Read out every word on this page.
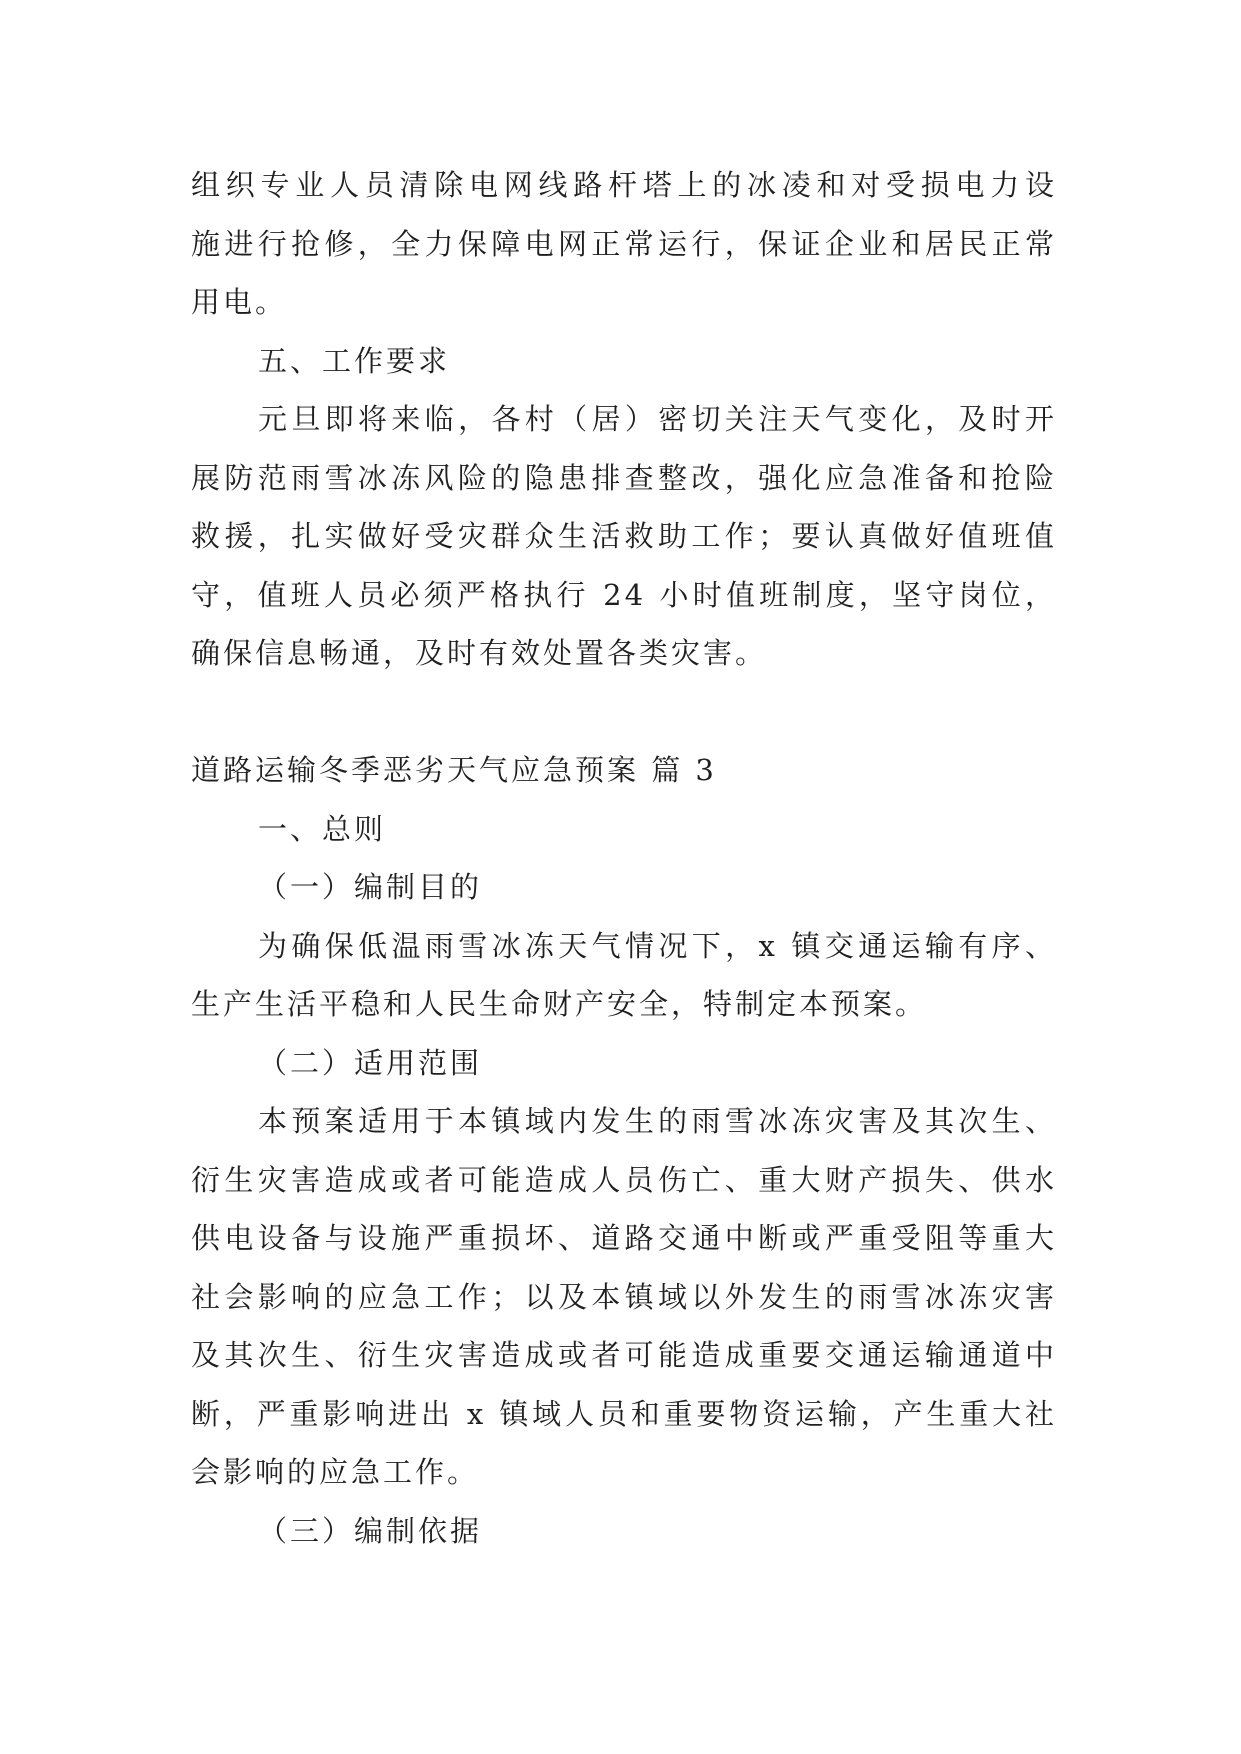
组织专业人员清除电网线路杆塔上的冰凌和对受损电力设
施进行抢修，全力保障电网正常运行，保证企业和居民正常
用电。
五、工作要求
元旦即将来临，各村（居）密切关注天气变化，及时开
展防范雨雪冰冻风险的隐患排查整改，强化应急准备和抢险
救援，扎实做好受灾群众生活救助工作；要认真做好值班值
守，值班人员必须严格执行 24 小时值班制度，坚守岗位，
确保信息畅通，及时有效处置各类灾害。
道路运输冬季恶劣天气应急预案 篇 3
一、总则
（一）编制目的
为确保低温雨雪冰冻天气情况下，x 镇交通运输有序、
生产生活平稳和人民生命财产安全，特制定本预案。
（二）适用范围
本预案适用于本镇域内发生的雨雪冰冻灾害及其次生、
衍生灾害造成或者可能造成人员伤亡、重大财产损失、供水
供电设备与设施严重损坏、道路交通中断或严重受阻等重大
社会影响的应急工作；以及本镇域以外发生的雨雪冰冻灾害
及其次生、衍生灾害造成或者可能造成重要交通运输通道中
断，严重影响进出 x 镇域人员和重要物资运输，产生重大社
会影响的应急工作。
（三）编制依据
